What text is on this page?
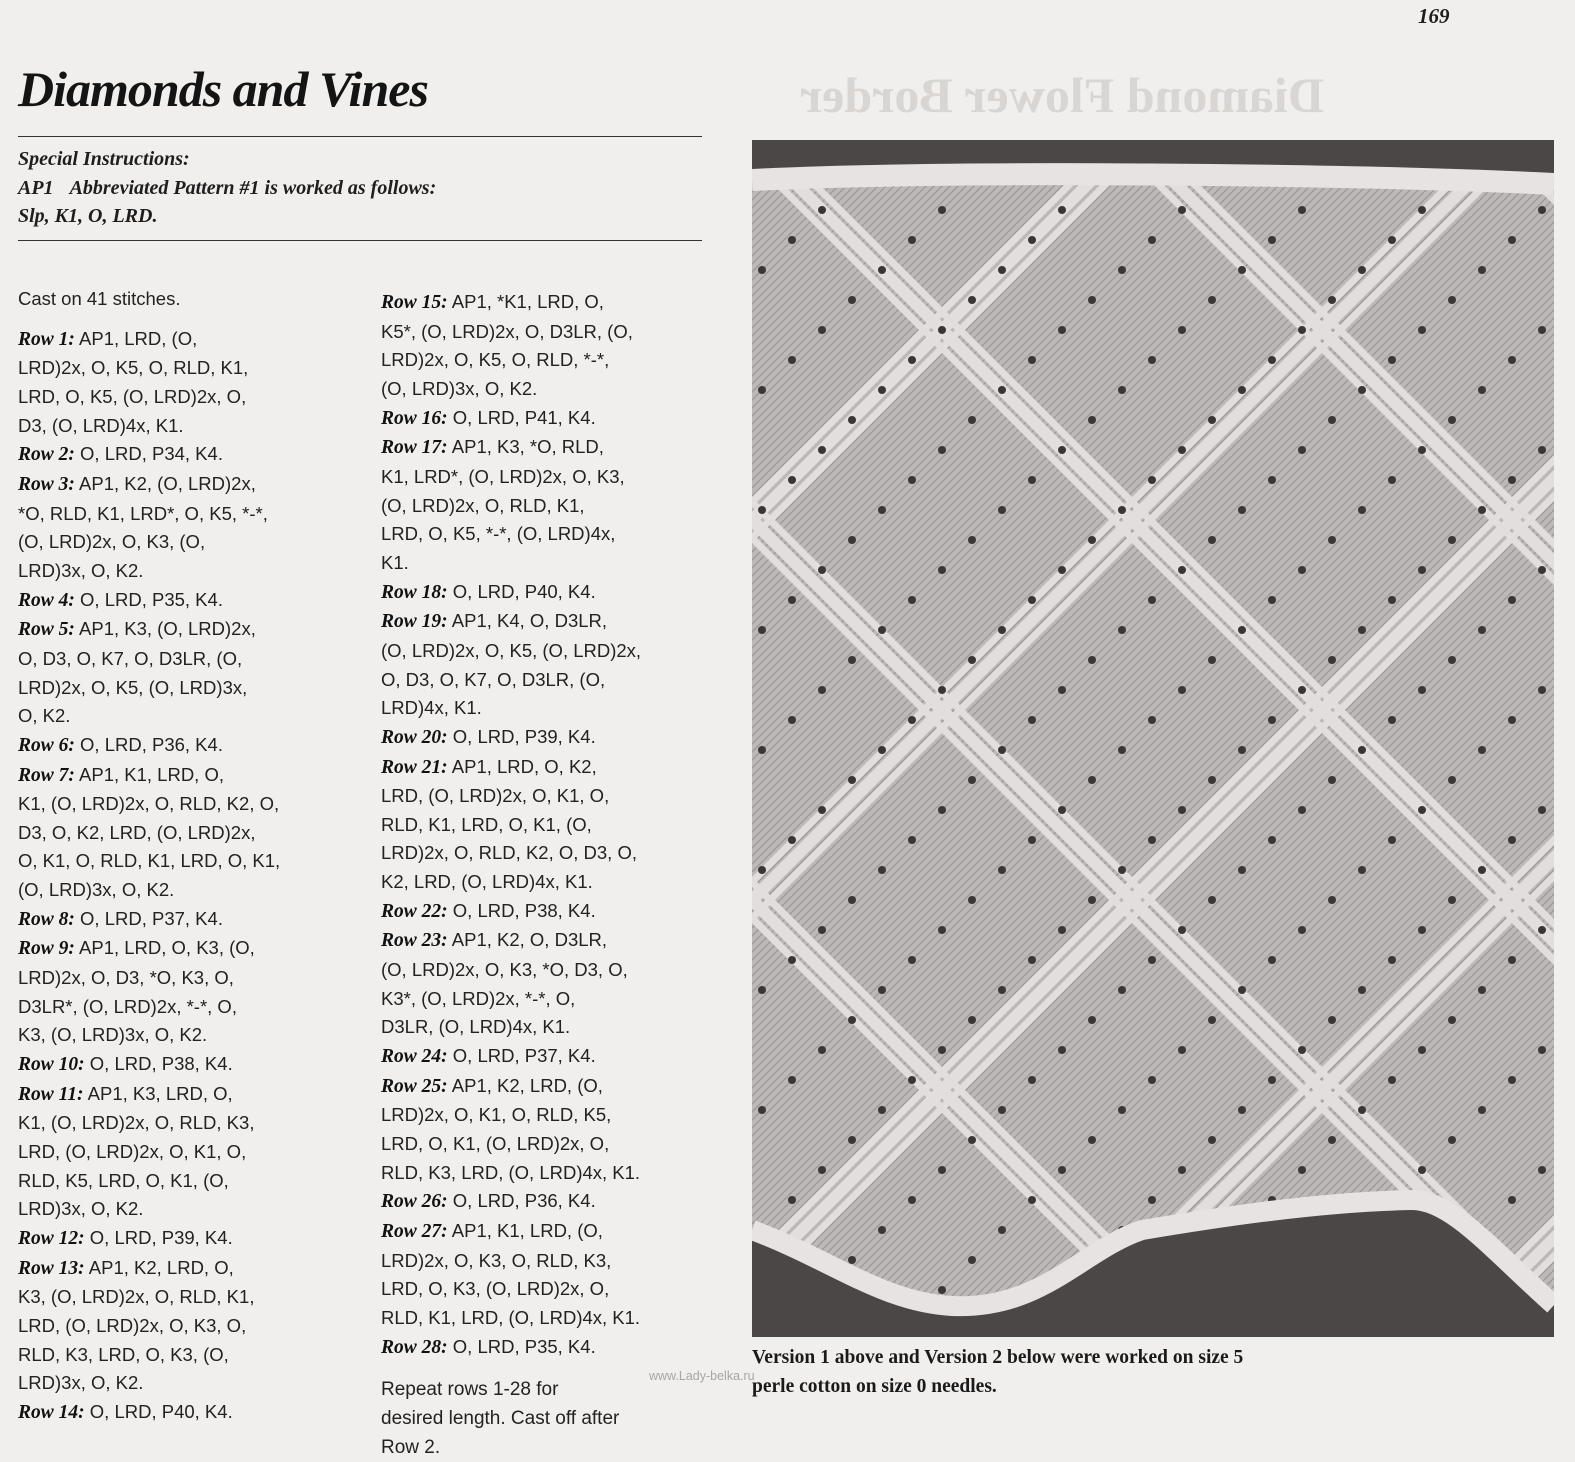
169
Diamond Flower Border
Diamonds and Vines
Special Instructions:
AP1 Abbreviated Pattern #1 is worked as follows:
Slp, K1, O, LRD.

Cast on 41 stitches.

Row 1: AP1, LRD, (O,
LRD)2x, O, K5, O, RLD, K1,
LRD, O, K5, (O, LRD)2x, O,
D3, (O, LRD)4x, K1.

Row 2: O, LRD, P34, K4.

Row 3: AP1, K2, (O, LRD)2x,
*O, RLD, K1, LRD*, O, K5, *-*,
(O, LRD)2x, O, K3, (O,
LRD)3x, O, K2.

Row 4: O, LRD, P35, K4.

Row 5: AP1, K3, (O, LRD)2x,
O, D3, O, K7, O, D3LR, (O,
LRD)2x, O, K5, (O, LRD)3x,
O, K2.

Row 6: O, LRD, P36, K4.

Row 7: AP1, K1, LRD, O,
K1, (O, LRD)2x, O, RLD, K2, O,
D3, O, K2, LRD, (O, LRD)2x,
O, K1, O, RLD, K1, LRD, O, K1,
(O, LRD)3x, O, K2.

Row 8: O, LRD, P37, K4.

Row 9: AP1, LRD, O, K3, (O,
LRD)2x, O, D3, *O, K3, O,
D3LR*, (O, LRD)2x, *-*, O,
K3, (O, LRD)3x, O, K2.

Row 10: O, LRD, P38, K4.

Row 11: AP1, K3, LRD, O,
K1, (O, LRD)2x, O, RLD, K3,
LRD, (O, LRD)2x, O, K1, O,
RLD, K5, LRD, O, K1, (O,
LRD)3x, O, K2.

Row 12: O, LRD, P39, K4.

Row 13: AP1, K2, LRD, O,
K3, (O, LRD)2x, O, RLD, K1,
LRD, (O, LRD)2x, O, K3, O,
RLD, K3, LRD, O, K3, (O,
LRD)3x, O, K2.

Row 14: O, LRD, P40, K4.

Row 15: AP1, *K1, LRD, O,
K5*, (O, LRD)2x, O, D3LR, (O,
LRD)2x, O, K5, O, RLD, *-*,
(O, LRD)3x, O, K2.

Row 16: O, LRD, P41, K4.

Row 17: AP1, K3, *O, RLD,
K1, LRD*, (O, LRD)2x, O, K3,
(O, LRD)2x, O, RLD, K1,
LRD, O, K5, *-*, (O, LRD)4x,
K1.

Row 18: O, LRD, P40, K4.

Row 19: AP1, K4, O, D3LR,
(O, LRD)2x, O, K5, (O, LRD)2x,
O, D3, O, K7, O, D3LR, (O,
LRD)4x, K1.

Row 20: O, LRD, P39, K4.

Row 21: AP1, LRD, O, K2,
LRD, (O, LRD)2x, O, K1, O,
RLD, K1, LRD, O, K1, (O,
LRD)2x, O, RLD, K2, O, D3, O,
K2, LRD, (O, LRD)4x, K1.

Row 22: O, LRD, P38, K4.

Row 23: AP1, K2, O, D3LR,
(O, LRD)2x, O, K3, *O, D3, O,
K3*, (O, LRD)2x, *-*, O,
D3LR, (O, LRD)4x, K1.

Row 24: O, LRD, P37, K4.

Row 25: AP1, K2, LRD, (O,
LRD)2x, O, K1, O, RLD, K5,
LRD, O, K1, (O, LRD)2x, O,
RLD, K3, LRD, (O, LRD)4x, K1.

Row 26: O, LRD, P36, K4.

Row 27: AP1, K1, LRD, (O,
LRD)2x, O, K3, O, RLD, K3,
LRD, O, K3, (O, LRD)2x, O,
RLD, K1, LRD, (O, LRD)4x, K1.

Row 28: O, LRD, P35, K4.

Repeat rows 1-28 for
desired length. Cast off after
Row 2.
Version 1 above and Version 2 below were worked on size 5
perle cotton on size 0 needles.
www.Lady-belka.ru
